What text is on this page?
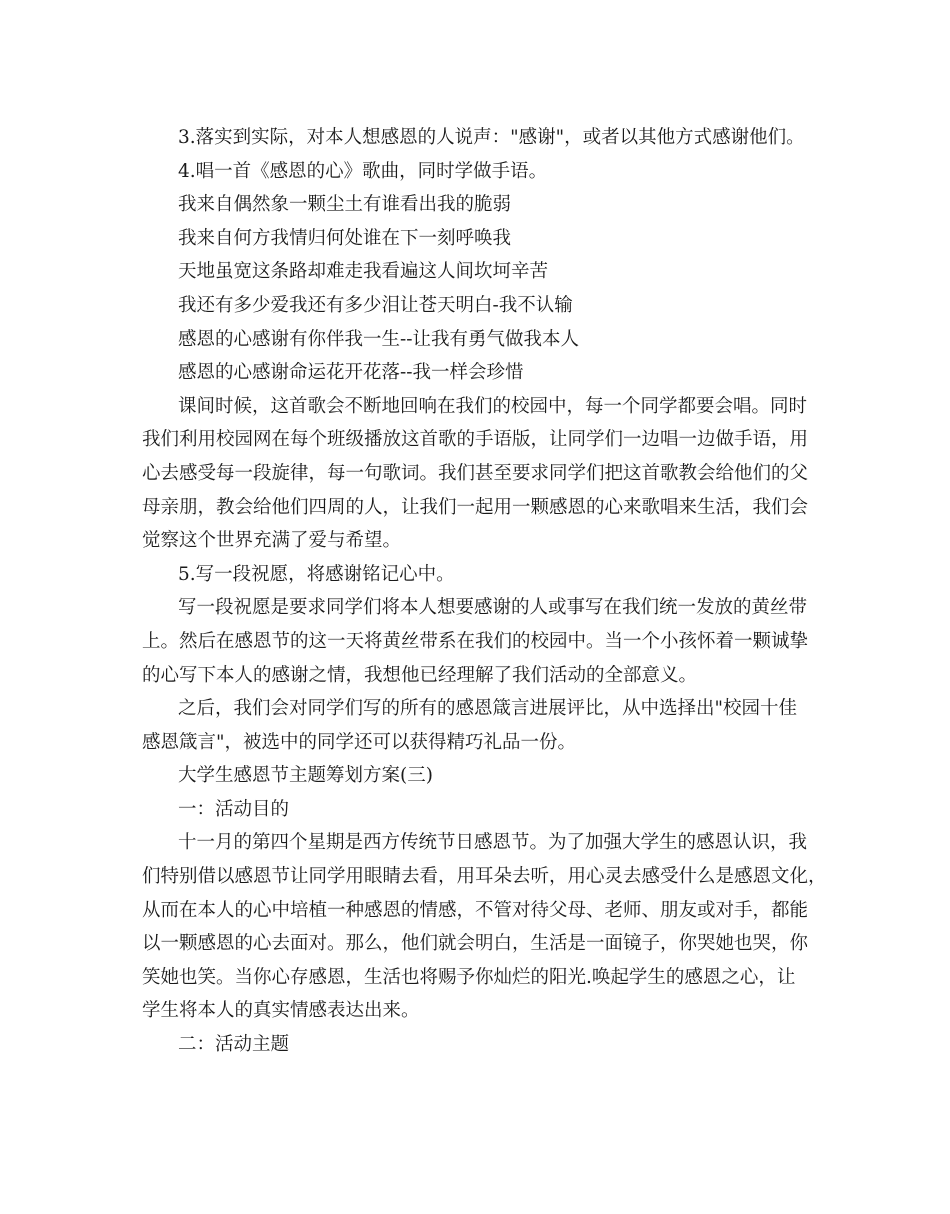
3.落实到实际，对本人想感恩的人说声："感谢"，或者以其他方式感谢他们。

4.唱一首《感恩的心》歌曲，同时学做手语。

我来自偶然象一颗尘土有谁看出我的脆弱

我来自何方我情归何处谁在下一刻呼唤我

天地虽宽这条路却难走我看遍这人间坎坷辛苦

我还有多少爱我还有多少泪让苍天明白-我不认输

感恩的心感谢有你伴我一生--让我有勇气做我本人

感恩的心感谢命运花开花落--我一样会珍惜

课间时候，这首歌会不断地回响在我们的校园中，每一个同学都要会唱。同时

我们利用校园网在每个班级播放这首歌的手语版，让同学们一边唱一边做手语，用

心去感受每一段旋律，每一句歌词。我们甚至要求同学们把这首歌教会给他们的父

母亲朋，教会给他们四周的人，让我们一起用一颗感恩的心来歌唱来生活，我们会

觉察这个世界充满了爱与希望。

5.写一段祝愿，将感谢铭记心中。

写一段祝愿是要求同学们将本人想要感谢的人或事写在我们统一发放的黄丝带

上。然后在感恩节的这一天将黄丝带系在我们的校园中。当一个小孩怀着一颗诚挚

的心写下本人的感谢之情，我想他已经理解了我们活动的全部意义。

之后，我们会对同学们写的所有的感恩箴言进展评比，从中选择出"校园十佳

感恩箴言"，被选中的同学还可以获得精巧礼品一份。

大学生感恩节主题筹划方案(三)

一：活动目的

十一月的第四个星期是西方传统节日感恩节。为了加强大学生的感恩认识，我

们特别借以感恩节让同学用眼睛去看，用耳朵去听，用心灵去感受什么是感恩文化，

从而在本人的心中培植一种感恩的情感，不管对待父母、老师、朋友或对手，都能

以一颗感恩的心去面对。那么，他们就会明白，生活是一面镜子，你哭她也哭，你

笑她也笑。当你心存感恩，生活也将赐予你灿烂的阳光.唤起学生的感恩之心，让

学生将本人的真实情感表达出来。

二：活动主题
